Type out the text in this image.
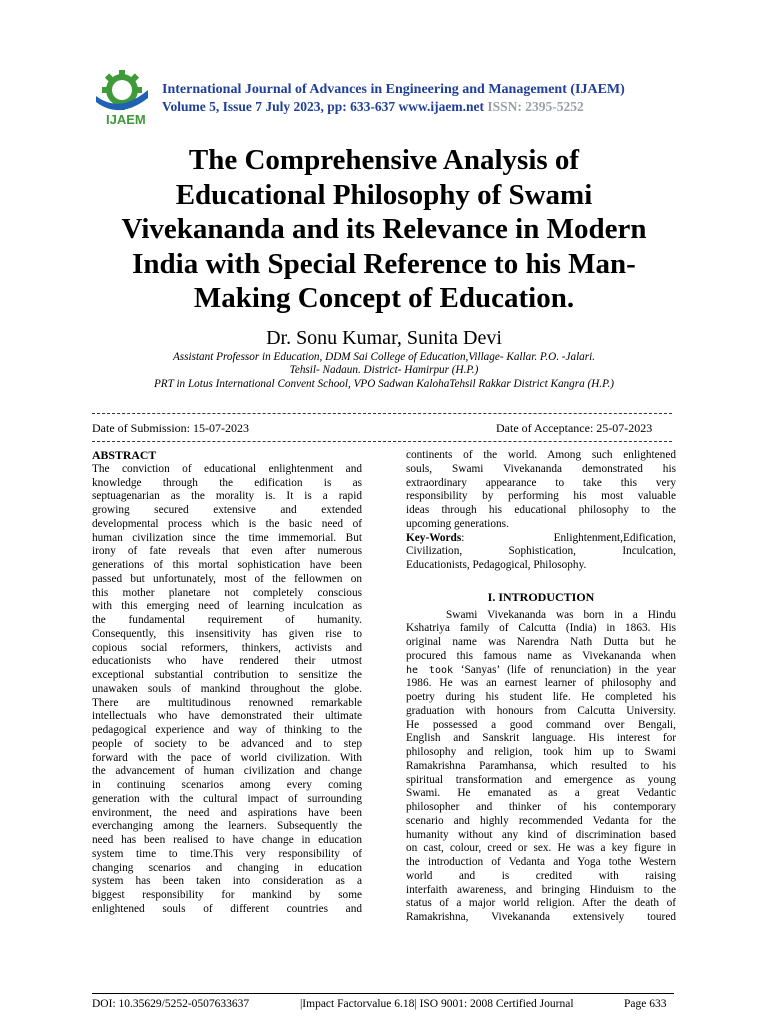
IJAEM
International Journal of Advances in Engineering and Management (IJAEM)
Volume 5, Issue 7 July 2023, pp: 633-637 www.ijaem.net ISSN: 2395-5252
The Comprehensive Analysis of
Educational Philosophy of Swami
Vivekananda and its Relevance in Modern
India with Special Reference to his Man-
Making Concept of Education.
Dr. Sonu Kumar, Sunita Devi
Assistant Professor in Education, DDM Sai College of Education,Village- Kallar. P.O. -Jalari.
Tehsil- Nadaun. District- Hamirpur (H.P.)
PRT in Lotus International Convent School, VPO Sadwan KalohaTehsil Rakkar District Kangra (H.P.)
Date of Submission: 15-07-2023	Date of Acceptance: 25-07-2023

ABSTRACT

The conviction of educational enlightenment and

knowledge through the edification is as

septuagenarian as the morality is. It is a rapid

growing secured extensive and extended

developmental process which is the basic need of

human civilization since the time immemorial. But

irony of fate reveals that even after numerous

generations of this mortal sophistication have been

passed but unfortunately, most of the fellowmen on

this mother planetare not completely conscious

with this emerging need of learning inculcation as

the fundamental requirement of humanity.

Consequently, this insensitivity has given rise to

copious social reformers, thinkers, activists and

educationists who have rendered their utmost

exceptional substantial contribution to sensitize the

unawaken souls of mankind throughout the globe.

There are multitudinous renowned remarkable

intellectuals who have demonstrated their ultimate

pedagogical experience and way of thinking to the

people of society to be advanced and to step

forward with the pace of world civilization. With

the advancement of human civilization and change

in continuing scenarios among every coming

generation with the cultural impact of surrounding

environment, the need and aspirations have been

everchanging among the learners. Subsequently the

need has been realised to have change in education

system time to time.This very responsibility of

changing scenarios and changing in education

system has been taken into consideration as a

biggest responsibility for mankind by some

enlightened souls of different countries and

continents of the world. Among such enlightened

souls, Swami Vivekananda demonstrated his

extraordinary appearance to take this very

responsibility by performing his most valuable

ideas through his educational philosophy to the

upcoming generations.

Key-Words: Enlightenment,Edification,

Civilization, Sophistication, Inculcation,

Educationists, Pedagogical, Philosophy.

I. INTRODUCTION

Swami Vivekananda was born in a Hindu

Kshatriya family of Calcutta (India) in 1863. His

original name was Narendra Nath Dutta but he

procured this famous name as Vivekananda when

he took ‘Sanyas’ (life of renunciation) in the year

1986. He was an earnest learner of philosophy and

poetry during his student life. He completed his

graduation with honours from Calcutta University.

He possessed a good command over Bengali,

English and Sanskrit language. His interest for

philosophy and religion, took him up to Swami

Ramakrishna Paramhansa, which resulted to his

spiritual transformation and emergence as young

Swami. He emanated as a great Vedantic

philosopher and thinker of his contemporary

scenario and highly recommended Vedanta for the

humanity without any kind of discrimination based

on cast, colour, creed or sex. He was a key figure in

the introduction of Vedanta and Yoga tothe Western

world and is credited with raising

interfaith awareness, and bringing Hinduism to the

status of a major world religion. After the death of

Ramakrishna, Vivekananda extensively toured

DOI: 10.35629/5252-0507633637	|Impact Factorvalue 6.18| ISO 9001: 2008 Certified Journal	Page 633
